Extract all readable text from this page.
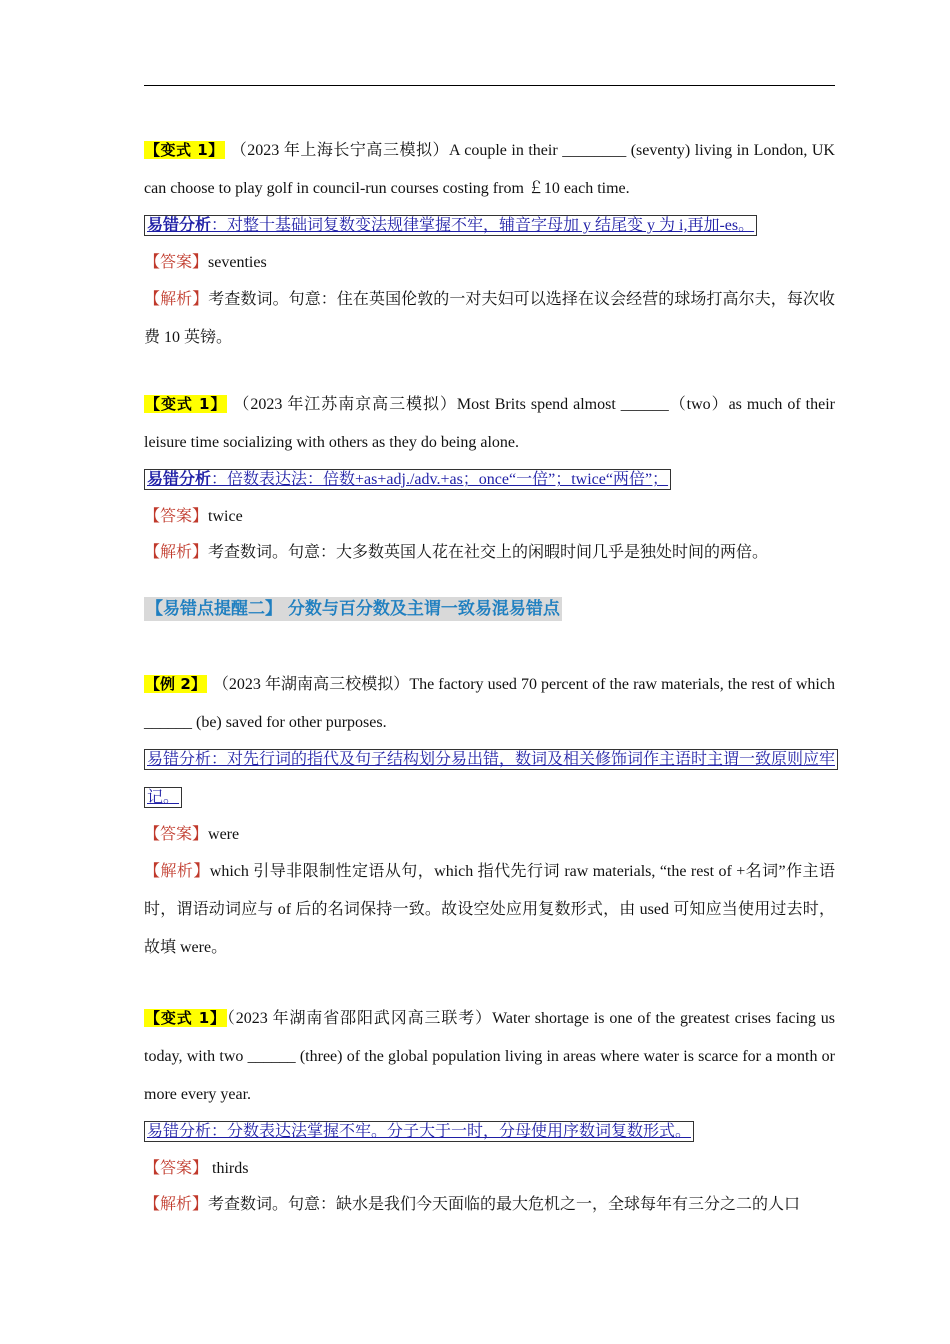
【变式 1】 （2023 年上海长宁高三模拟）A couple in their ________ (seventy) living in London, UK can choose to play golf in council-run courses costing from ￡10 each time.

易错分析：对整十基础词复数变法规律掌握不牢，辅音字母加 y 结尾变 y 为 i,再加-es。

【答案】seventies

【解析】考查数词。句意：住在英国伦敦的一对夫妇可以选择在议会经营的球场打高尔夫，每次收费 10 英镑。

【变式 1】 （2023 年江苏南京高三模拟）Most Brits spend almost ______（two）as much of their leisure time socializing with others as they do being alone.

易错分析：倍数表达法：倍数+as+adj./adv.+as；once“一倍”；twice“两倍”；

【答案】twice

【解析】考查数词。句意：大多数英国人花在社交上的闲暇时间几乎是独处时间的两倍。

【易错点提醒二】 分数与百分数及主谓一致易混易错点

【例 2】 （2023 年湖南高三校模拟）The factory used 70 percent of the raw materials, the rest of which ______ (be) saved for other purposes.

易错分析：对先行词的指代及句子结构划分易出错，数词及相关修饰词作主语时主谓一致原则应牢记。

【答案】were

【解析】which 引导非限制性定语从句，which 指代先行词 raw materials, “the rest of +名词”作主语时，谓语动词应与 of 后的名词保持一致。故设空处应用复数形式，由 used 可知应当使用过去时，故填 were。

【变式 1】（2023 年湖南省邵阳武冈高三联考）Water shortage is one of the greatest crises facing us today, with two ______ (three) of the global population living in areas where water is scarce for a month or more every year.

易错分析：分数表达法掌握不牢。分子大于一时，分母使用序数词复数形式。

【答案】 thirds

【解析】考查数词。句意：缺水是我们今天面临的最大危机之一，全球每年有三分之二的人口
